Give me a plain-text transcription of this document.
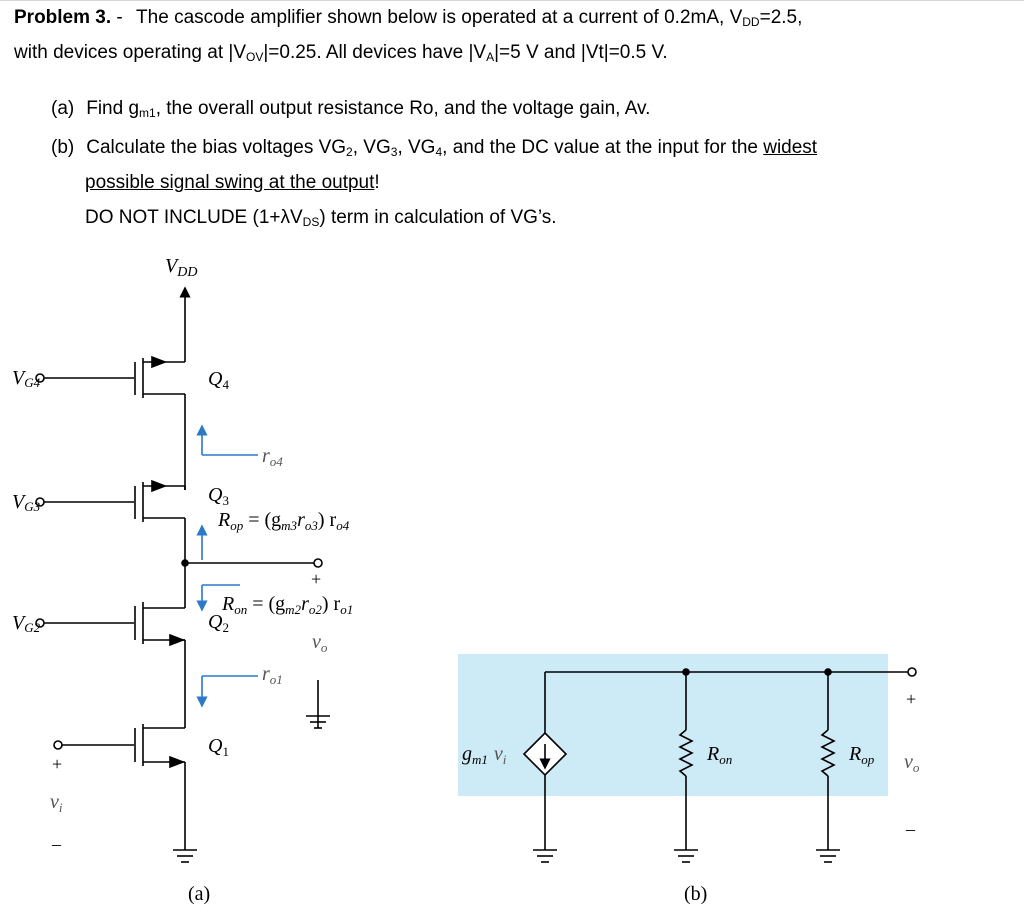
Problem 3. - The cascode amplifier shown below is operated at a current of 0.2mA, $V_{DD}=2.5$,
with devices operating at $|V_{OV}|=0.25$. All devices have $|V_A|=5$ V and |Vt|=0.5 V.
(a) Find $g_{m1}$, the overall output resistance Ro, and the voltage gain, Av.
(b) Calculate the bias voltages $VG_2$, $VG_3$, $VG_4$, and the DC value at the input for the widest
possible signal swing at the output!
DO NOT INCLUDE $(1+\lambda V_{DS})$ term in calculation of VG’s.
$V_{DD}$
VG4
VG3
VG2
$Q_4$
$Q_3$
$Q_2$
$Q_1$
$r_{o4}$
$r_{o1}$
$R_{op} = (g_{m3}r_{o3})$ $r_{o4}$
$R_{on} = (g_{m2}r_{o2})$ $r_{o1}$
+
$v_o$
+
$v_i$
–
(a)
$g_{m1}$ $v_i$	$R_{on}$	$R_{op}$
+
$v_o$
–
(b)
